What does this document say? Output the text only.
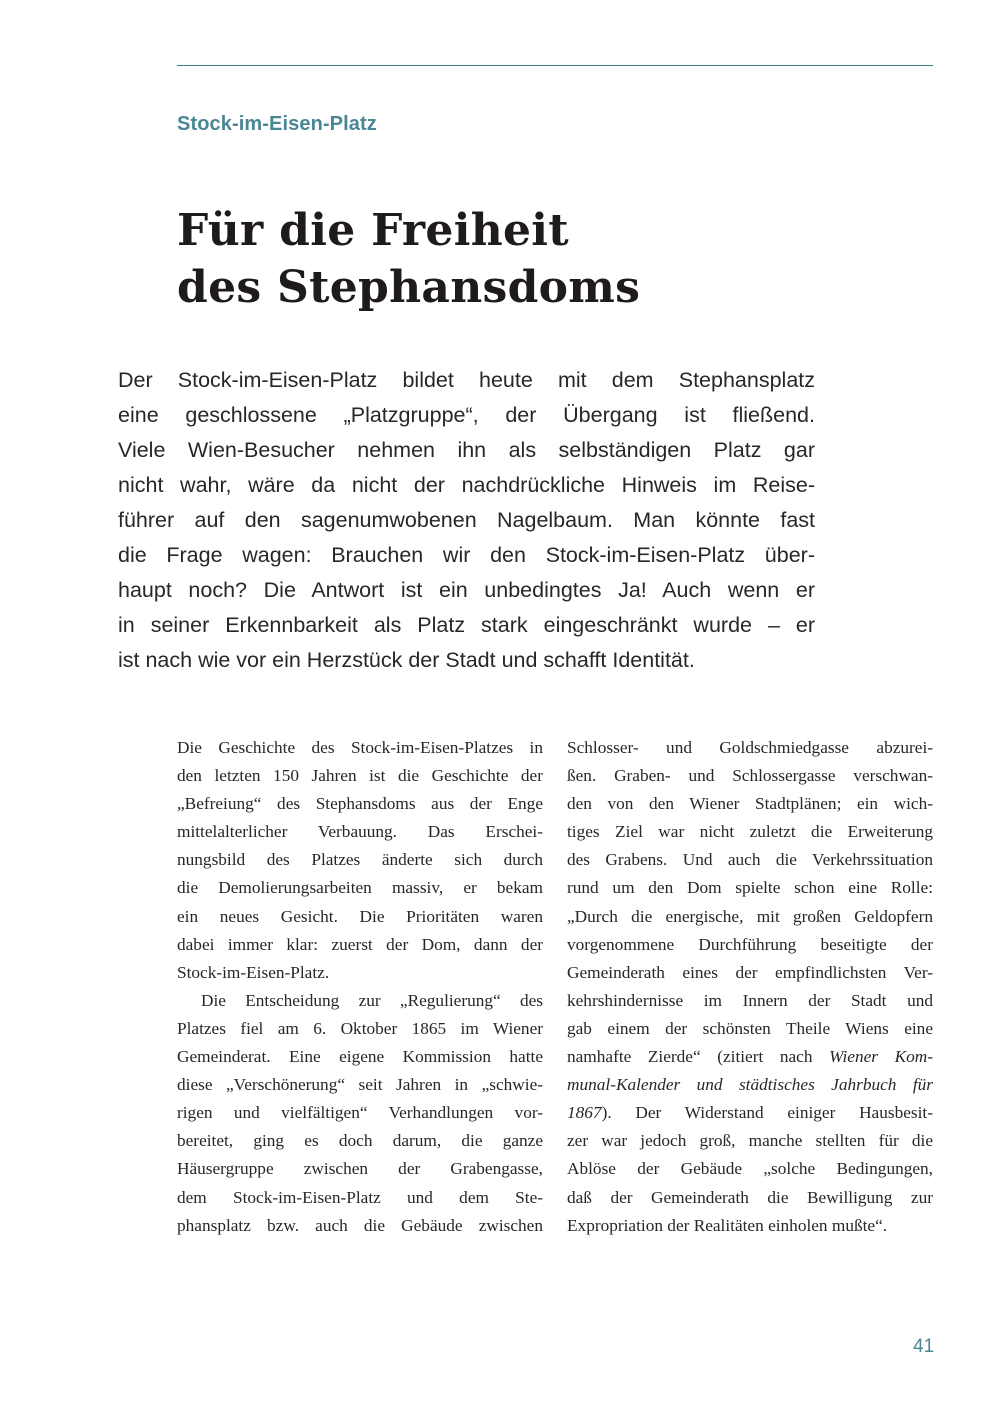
Stock-im-Eisen-Platz
Für die Freiheit
des Stephansdoms
Der Stock-im-Eisen-Platz bildet heute mit dem Stephansplatz
eine geschlossene „Platzgruppe“, der Übergang ist fließend.
Viele Wien-Besucher nehmen ihn als selbständigen Platz gar
nicht wahr, wäre da nicht der nachdrückliche Hinweis im Reise-
führer auf den sagenumwobenen Nagelbaum. Man könnte fast
die Frage wagen: Brauchen wir den Stock-im-Eisen-Platz über-
haupt noch? Die Antwort ist ein unbedingtes Ja! Auch wenn er
in seiner Erkennbarkeit als Platz stark eingeschränkt wurde – er
ist nach wie vor ein Herzstück der Stadt und schafft Identität.
Die Geschichte des Stock-im-Eisen-Platzes in
den letzten 150 Jahren ist die Geschichte der
„Befreiung“ des Stephansdoms aus der Enge
mittelalterlicher Verbauung. Das Erschei-
nungsbild des Platzes änderte sich durch
die Demolierungsarbeiten massiv, er bekam
ein neues Gesicht. Die Prioritäten waren
dabei immer klar: zuerst der Dom, dann der
Stock-im-Eisen-Platz.
Die Entscheidung zur „Regulierung“ des
Platzes fiel am 6. Oktober 1865 im Wiener
Gemeinderat. Eine eigene Kommission hatte
diese „Verschönerung“ seit Jahren in „schwie-
rigen und vielfältigen“ Verhandlungen vor-
bereitet, ging es doch darum, die ganze
Häusergruppe zwischen der Grabengasse,
dem Stock-im-Eisen-Platz und dem Ste-
phansplatz bzw. auch die Gebäude zwischen
Schlosser- und Goldschmiedgasse abzurei-
ßen. Graben- und Schlossergasse verschwan-
den von den Wiener Stadtplänen; ein wich-
tiges Ziel war nicht zuletzt die Erweiterung
des Grabens. Und auch die Verkehrssituation
rund um den Dom spielte schon eine Rolle:
„Durch die energische, mit großen Geldopfern
vorgenommene Durchführung beseitigte der
Gemeinderath eines der empfindlichsten Ver-
kehrshindernisse im Innern der Stadt und
gab einem der schönsten Theile Wiens eine
namhafte Zierde“ (zitiert nach Wiener Kom-
munal-Kalender und städtisches Jahrbuch für
1867). Der Widerstand einiger Hausbesit-
zer war jedoch groß, manche stellten für die
Ablöse der Gebäude „solche Bedingungen,
daß der Gemeinderath die Bewilligung zur
Expropriation der Realitäten einholen mußte“.
41
